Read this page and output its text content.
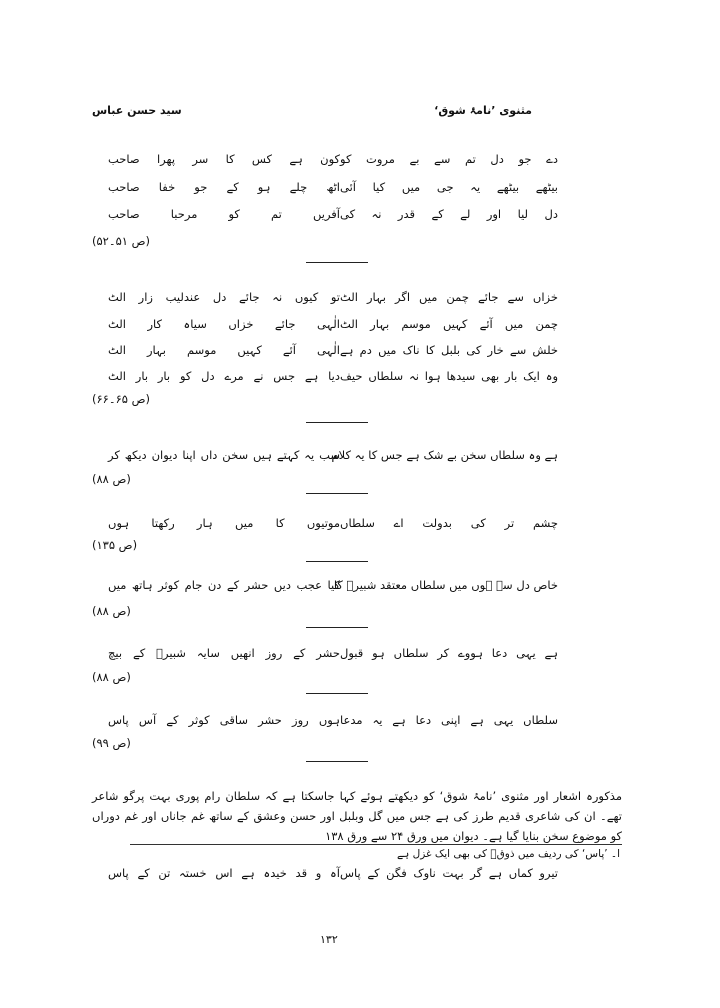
سید حسن عباس	مثنوی ’نامۂ شوق‘
دے جو دل تم سے بے مروت کو
کون ہے کس کا سر پھرا صاحب
بیٹھے بیٹھے یہ جی میں کیا آئی
اٹھ چلے ہو کے جو خفا صاحب
دل لیا اور لے کے قدر نہ کی
آفریں تم کو مرحبا صاحب
(ص ۵۱۔۵۲)
خزاں سے جائے چمن میں اگر بہار الٹ
تو کیوں نہ جائے دل عندلیب زار الٹ
چمن میں آئے کہیں موسم بہار الٹ
الٰہی جائے خزاں سیاہ کار الٹ
خلش سے خار کی بلبل کا ناک میں دم ہے
الٰہی آئے کہیں موسم بہار الٹ
وہ ایک بار بھی سیدھا ہوا نہ سلطاں حیف
دیا ہے جس نے مرے دل کو بار بار الٹ
(ص ۶۵۔۶۶)
ہے وہ سلطاں سخن بے شک ہے جس کا یہ کلام
سب یہ کہتے ہیں سخن داں اپنا دیوان دیکھ کر
(ص ۸۸)
چشم تر کی بدولت اے سلطاں
موتیوں کا میں ہار رکھتا ہوں
(ص ۱۳۵)
خاص دل سے ہوں میں سلطاں معتقد شبیرؑ کا
کیا عجب دیں حشر کے دن جام کوثر ہاتھ میں
(ص ۸۸)
ہے یہی دعا ہووے کر سلطاں ہو قبول
حشر کے روز انھیں سایہ شبیرؑ کے بیچ
(ص ۸۸)
سلطاں یہی ہے اپنی دعا ہے یہ مدعا
ہوں روز حشر ساقی کوثر کے آس پاس
(ص ۹۹)
مذکورہ اشعار اور مثنوی ’نامۂ شوق‘ کو دیکھتے ہوئے کہا جاسکتا ہے کہ سلطان رام پوری بہت پرگو شاعر تھے۔ ان کی شاعری قدیم طرز کی ہے جس میں گل وبلبل اور حسن وعشق کے ساتھ غم جاناں اور غم دوراں کو موضوع سخن بنایا گیا ہے۔ دیوان میں ورق ۲۴ سے ورق ۱۳۸
ا۔ ’پاس‘ کی ردیف میں ذوقؔ کی بھی ایک غزل ہے
تیرو کماں ہے گر بہت ناوک فگن کے پاس
آہ و قد خیدہ ہے اس خستہ تن کے پاس
۱۳۲
